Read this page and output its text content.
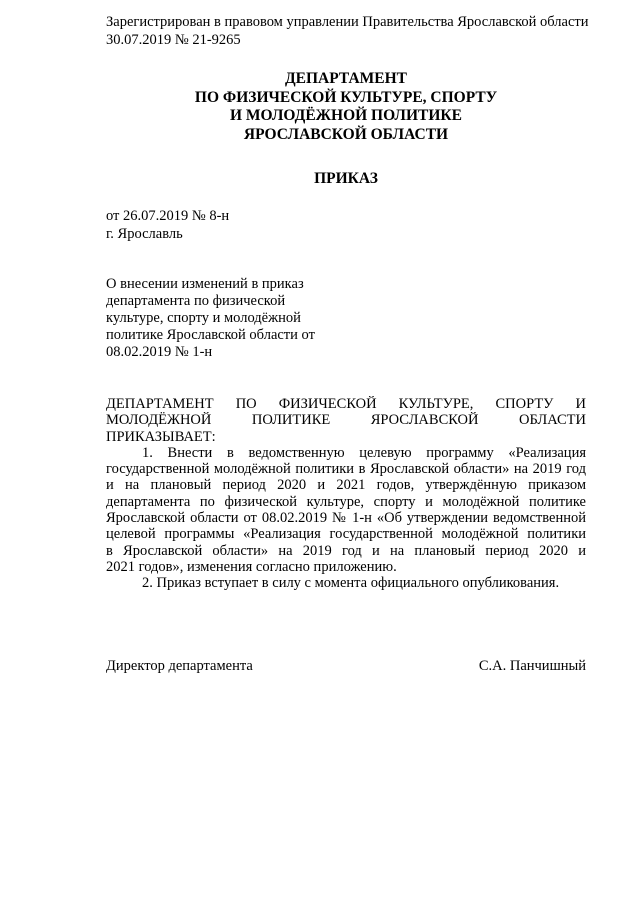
Зарегистрирован в правовом управлении Правительства Ярославской области
30.07.2019 № 21-9265
ДЕПАРТАМЕНТ
ПО ФИЗИЧЕСКОЙ КУЛЬТУРЕ, СПОРТУ
И МОЛОДЁЖНОЙ ПОЛИТИКЕ
ЯРОСЛАВСКОЙ ОБЛАСТИ
ПРИКАЗ
от 26.07.2019 № 8-н
г. Ярославль
О внесении изменений в приказ
департамента по физической
культуре, спорту и молодёжной
политике Ярославской области от
08.02.2019 № 1-н
ДЕПАРТАМЕНТ ПО ФИЗИЧЕСКОЙ КУЛЬТУРЕ, СПОРТУ И
МОЛОДЁЖНОЙ ПОЛИТИКЕ ЯРОСЛАВСКОЙ ОБЛАСТИ
ПРИКАЗЫВАЕТ:
1. Внести в ведомственную целевую программу «Реализация
государственной молодёжной политики в Ярославской области» на 2019 год
и на плановый период 2020 и 2021 годов, утверждённую приказом
департамента по физической культуре, спорту и молодёжной политике
Ярославской области от 08.02.2019 № 1-н «Об утверждении ведомственной
целевой программы «Реализация государственной молодёжной политики
в Ярославской области» на 2019 год и на плановый период 2020 и
2021 годов», изменения согласно приложению.
2. Приказ вступает в силу с момента официального опубликования.
Директор департамента	С.А. Панчишный
